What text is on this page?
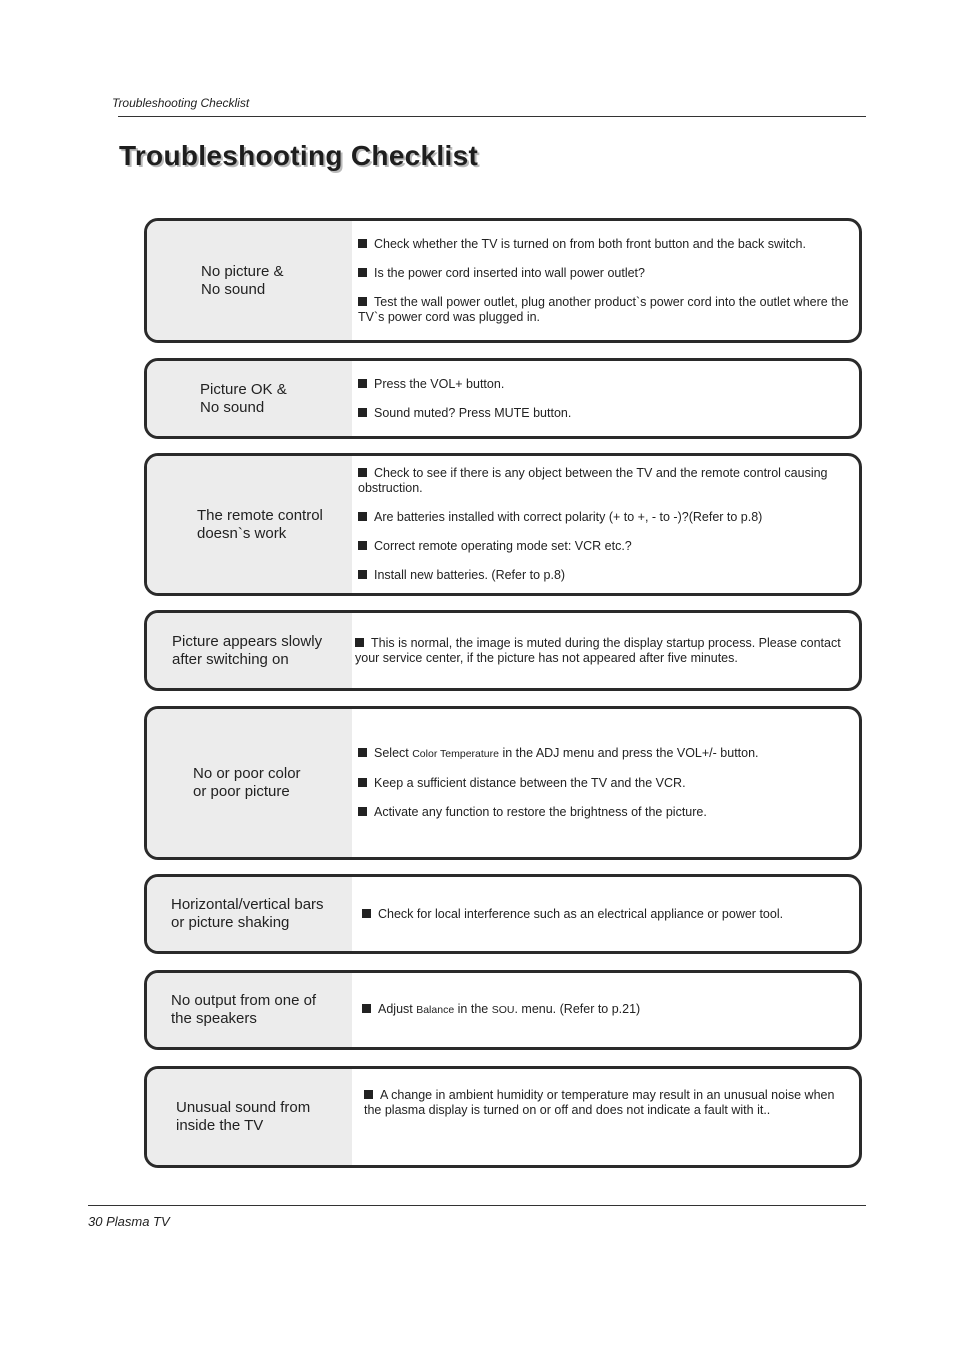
Troubleshooting Checklist
Troubleshooting Checklist
No picture &
No sound
Check whether the TV is turned on from both front button and the back switch.
Is the power cord inserted into wall power outlet?
Test the wall power outlet, plug another product`s power cord into the outlet where the TV`s power cord was plugged in.
Picture OK &
No sound
Press the VOL+ button.
Sound muted? Press MUTE button.
The remote control
doesn`s work
Check to see if there is any object between the TV and the remote control causing obstruction.
Are batteries installed with correct polarity (+ to +, - to -)?(Refer to p.8)
Correct remote operating mode set: VCR etc.?
Install new batteries. (Refer to p.8)
Picture appears slowly
after switching on
This is normal, the image is muted during the display startup process. Please contact your service center, if the picture has not appeared after five minutes.
No or poor color
or poor picture
Select Color Temperature in the ADJ menu and press the VOL+/- button.
Keep a sufficient distance between the TV and the VCR.
Activate any function to restore the brightness of the picture.
Horizontal/vertical bars
or picture shaking
Check for local interference such as an electrical appliance or power tool.
No output from one of
the speakers
Adjust Balance in the SOU. menu. (Refer to p.21)
Unusual sound from
inside the TV
A change in ambient humidity or temperature may result in an unusual noise when the plasma display is turned on or off and does not indicate a fault with it..
30 Plasma TV
